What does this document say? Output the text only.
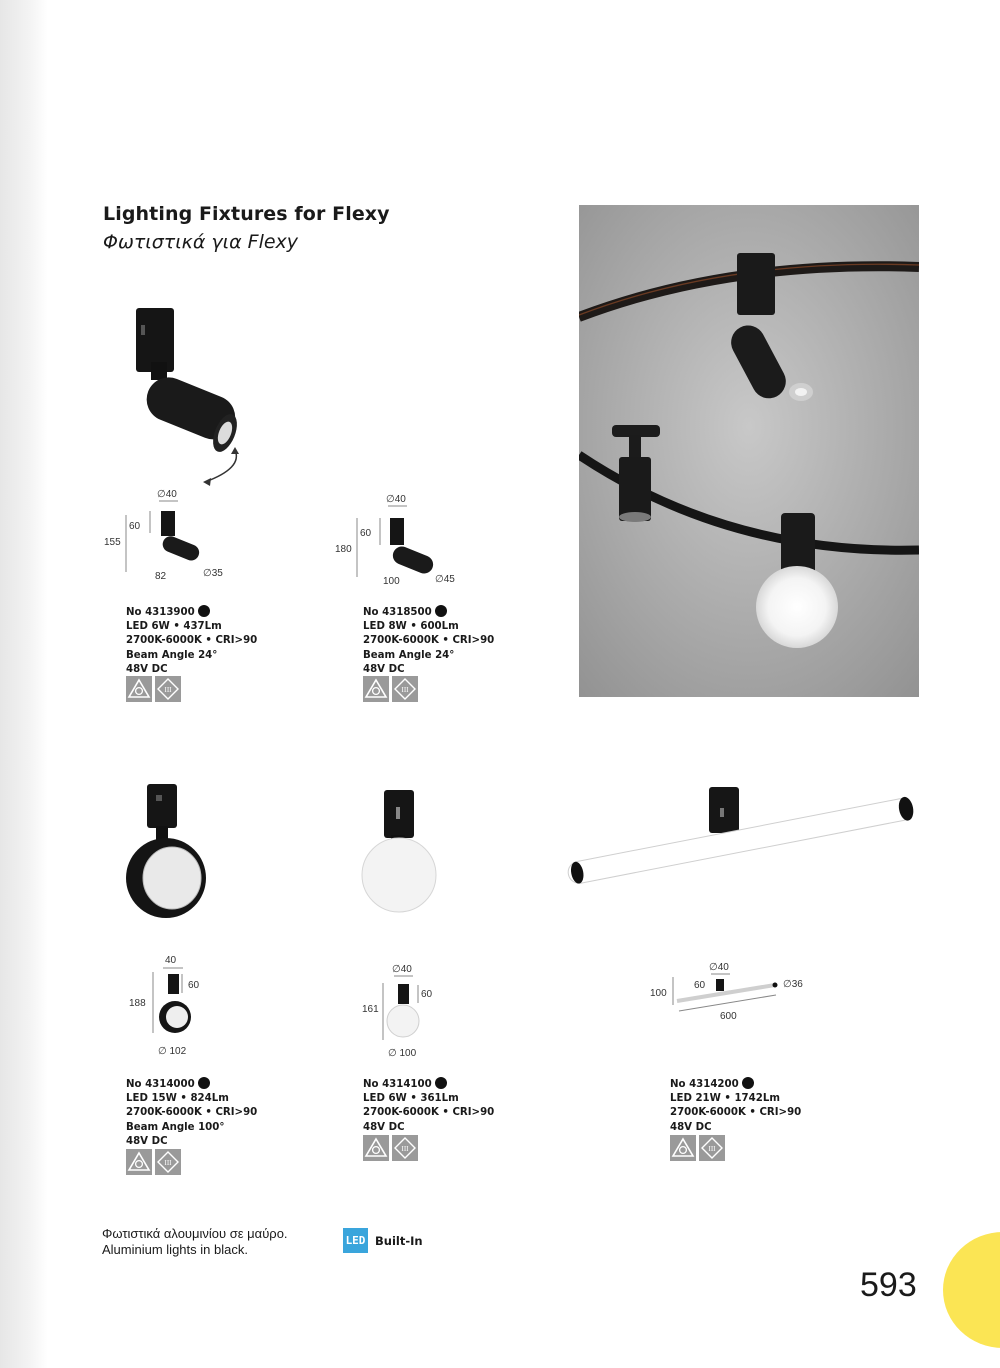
Lighting Fixtures for Flexy
Φωτιστικά για Flexy
∅40
60
155
82	∅35
∅40
60
180
100	∅45
No 4313900
LED 6W • 437Lm
2700K-6000K • CRI>90
Beam Angle 24°
48V DC
III
No 4318500
LED 8W • 600Lm
2700K-6000K • CRI>90
Beam Angle 24°
48V DC
III
40
60
188
∅ 102
∅40
60
161
∅ 100
∅40
60
100
∅36
600
No 4314000
LED 15W • 824Lm
2700K-6000K • CRI>90
Beam Angle 100°
48V DC
III
No 4314100
LED 6W • 361Lm
2700K-6000K • CRI>90
48V DC
III
No 4314200
LED 21W • 1742Lm
2700K-6000K • CRI>90
48V DC
III
Φωτιστικά αλουμινίου σε μαύρο.
Aluminium lights in black.
LED Built-In
593
